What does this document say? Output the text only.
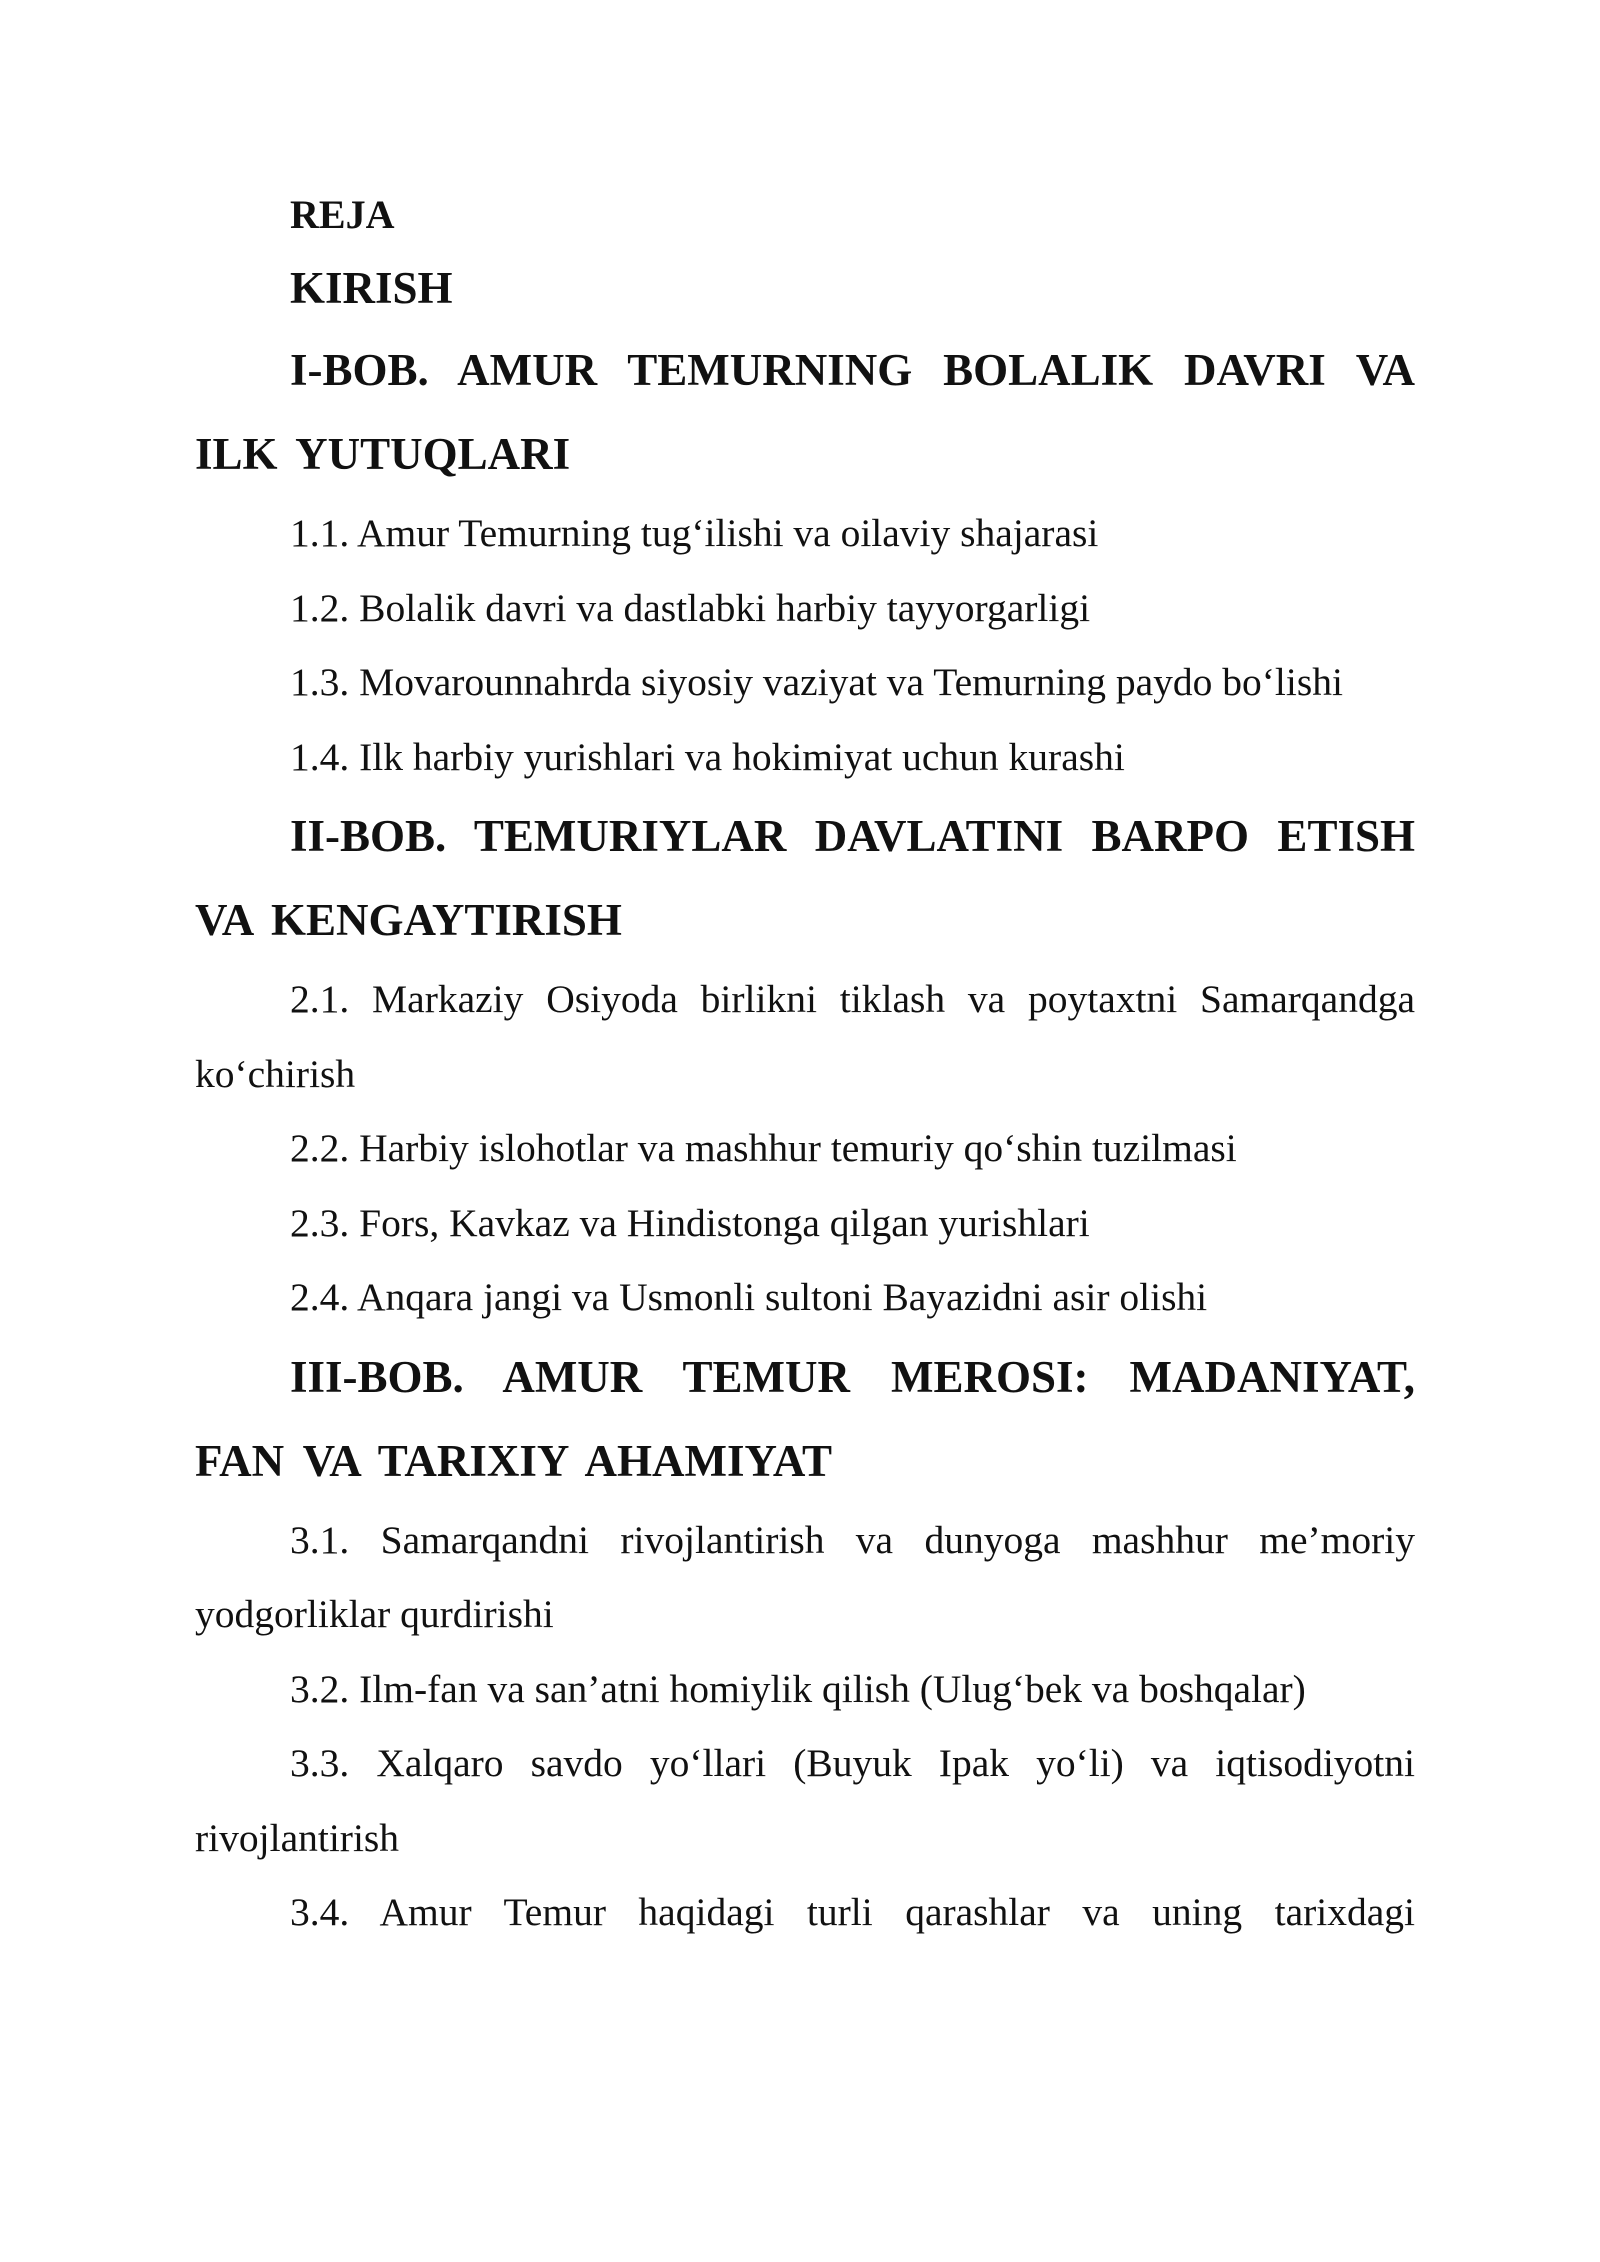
REJA

KIRISH

I-BOB. AMUR TEMURNING BOLALIK DAVRI VA ILK YUTUQLARI

1.1. Amur Temurning tug‘ilishi va oilaviy shajarasi

1.2. Bolalik davri va dastlabki harbiy tayyorgarligi

1.3. Movarounnahrda siyosiy vaziyat va Temurning paydo bo‘lishi

1.4. Ilk harbiy yurishlari va hokimiyat uchun kurashi

II-BOB. TEMURIYLAR DAVLATINI BARPO ETISH VA KENGAYTIRISH

2.1. Markaziy Osiyoda birlikni tiklash va poytaxtni Samarqandga ko‘chirish

2.2. Harbiy islohotlar va mashhur temuriy qo‘shin tuzilmasi

2.3. Fors, Kavkaz va Hindistonga qilgan yurishlari

2.4. Anqara jangi va Usmonli sultoni Bayazidni asir olishi

III-BOB. AMUR TEMUR MEROSI: MADANIYAT, FAN VA TARIXIY AHAMIYAT

3.1. Samarqandni rivojlantirish va dunyoga mashhur me’moriy yodgorliklar qurdirishi

3.2. Ilm-fan va san’atni homiylik qilish (Ulug‘bek va boshqalar)

3.3. Xalqaro savdo yo‘llari (Buyuk Ipak yo‘li) va iqtisodiyotni rivojlantirish

3.4. Amur Temur haqidagi turli qarashlar va uning tarixdagi
